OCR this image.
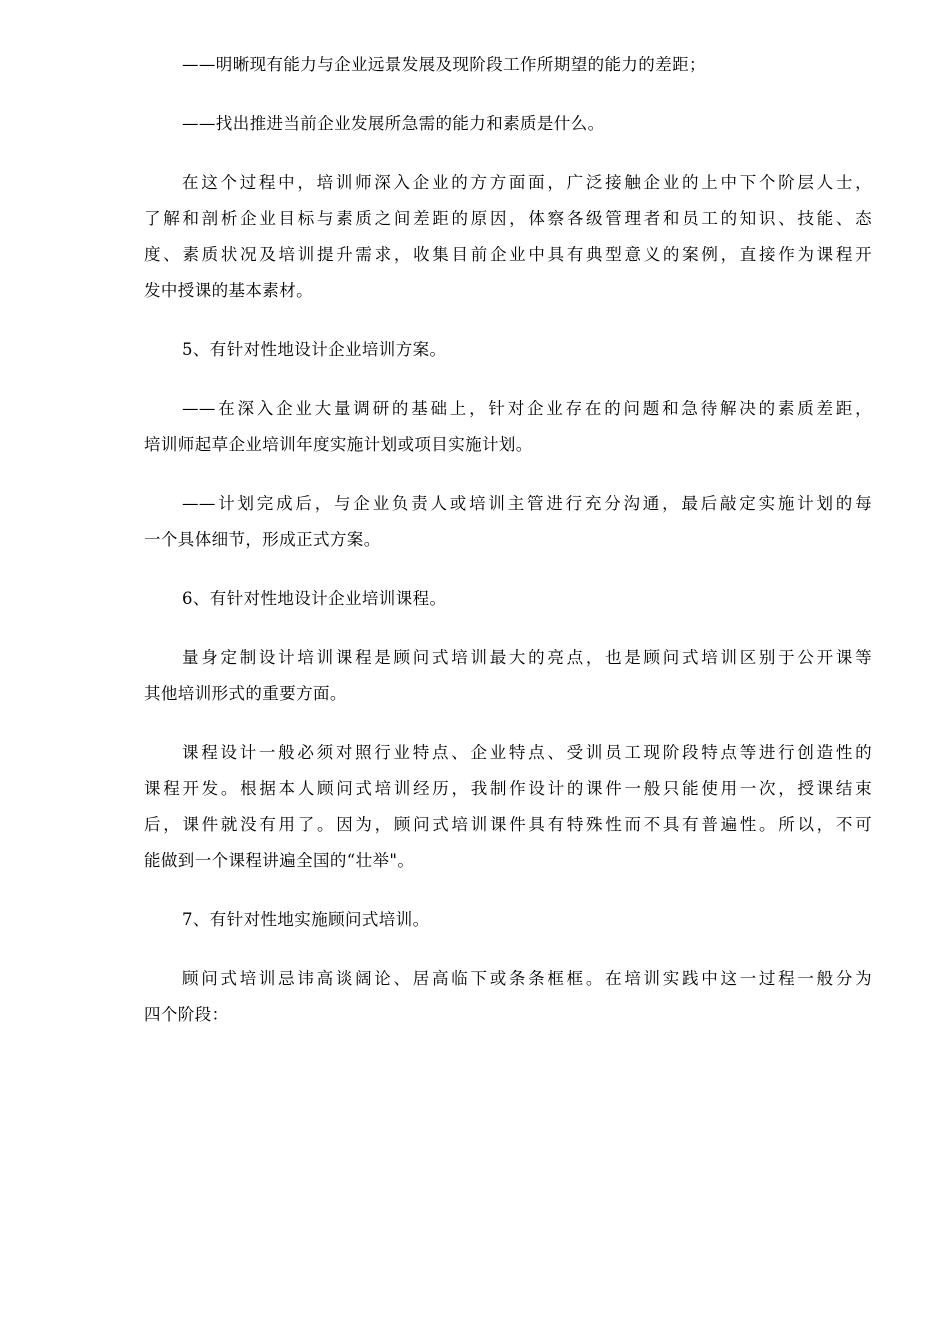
——明晰现有能力与企业远景发展及现阶段工作所期望的能力的差距；

——找出推进当前企业发展所急需的能力和素质是什么。

在这个过程中，培训师深入企业的方方面面，广泛接触企业的上中下个阶层人士，
了解和剖析企业目标与素质之间差距的原因，体察各级管理者和员工的知识、技能、态
度、素质状况及培训提升需求，收集目前企业中具有典型意义的案例，直接作为课程开
发中授课的基本素材。

5、有针对性地设计企业培训方案。

——在深入企业大量调研的基础上，针对企业存在的问题和急待解决的素质差距，
培训师起草企业培训年度实施计划或项目实施计划。

——计划完成后，与企业负责人或培训主管进行充分沟通，最后敲定实施计划的每
一个具体细节，形成正式方案。

6、有针对性地设计企业培训课程。

量身定制设计培训课程是顾问式培训最大的亮点，也是顾问式培训区别于公开课等
其他培训形式的重要方面。

课程设计一般必须对照行业特点、企业特点、受训员工现阶段特点等进行创造性的
课程开发。根据本人顾问式培训经历，我制作设计的课件一般只能使用一次，授课结束
后，课件就没有用了。因为，顾问式培训课件具有特殊性而不具有普遍性。所以，不可
能做到一个课程讲遍全国的“壮举"。

7、有针对性地实施顾问式培训。

顾问式培训忌讳高谈阔论、居高临下或条条框框。在培训实践中这一过程一般分为
四个阶段：
